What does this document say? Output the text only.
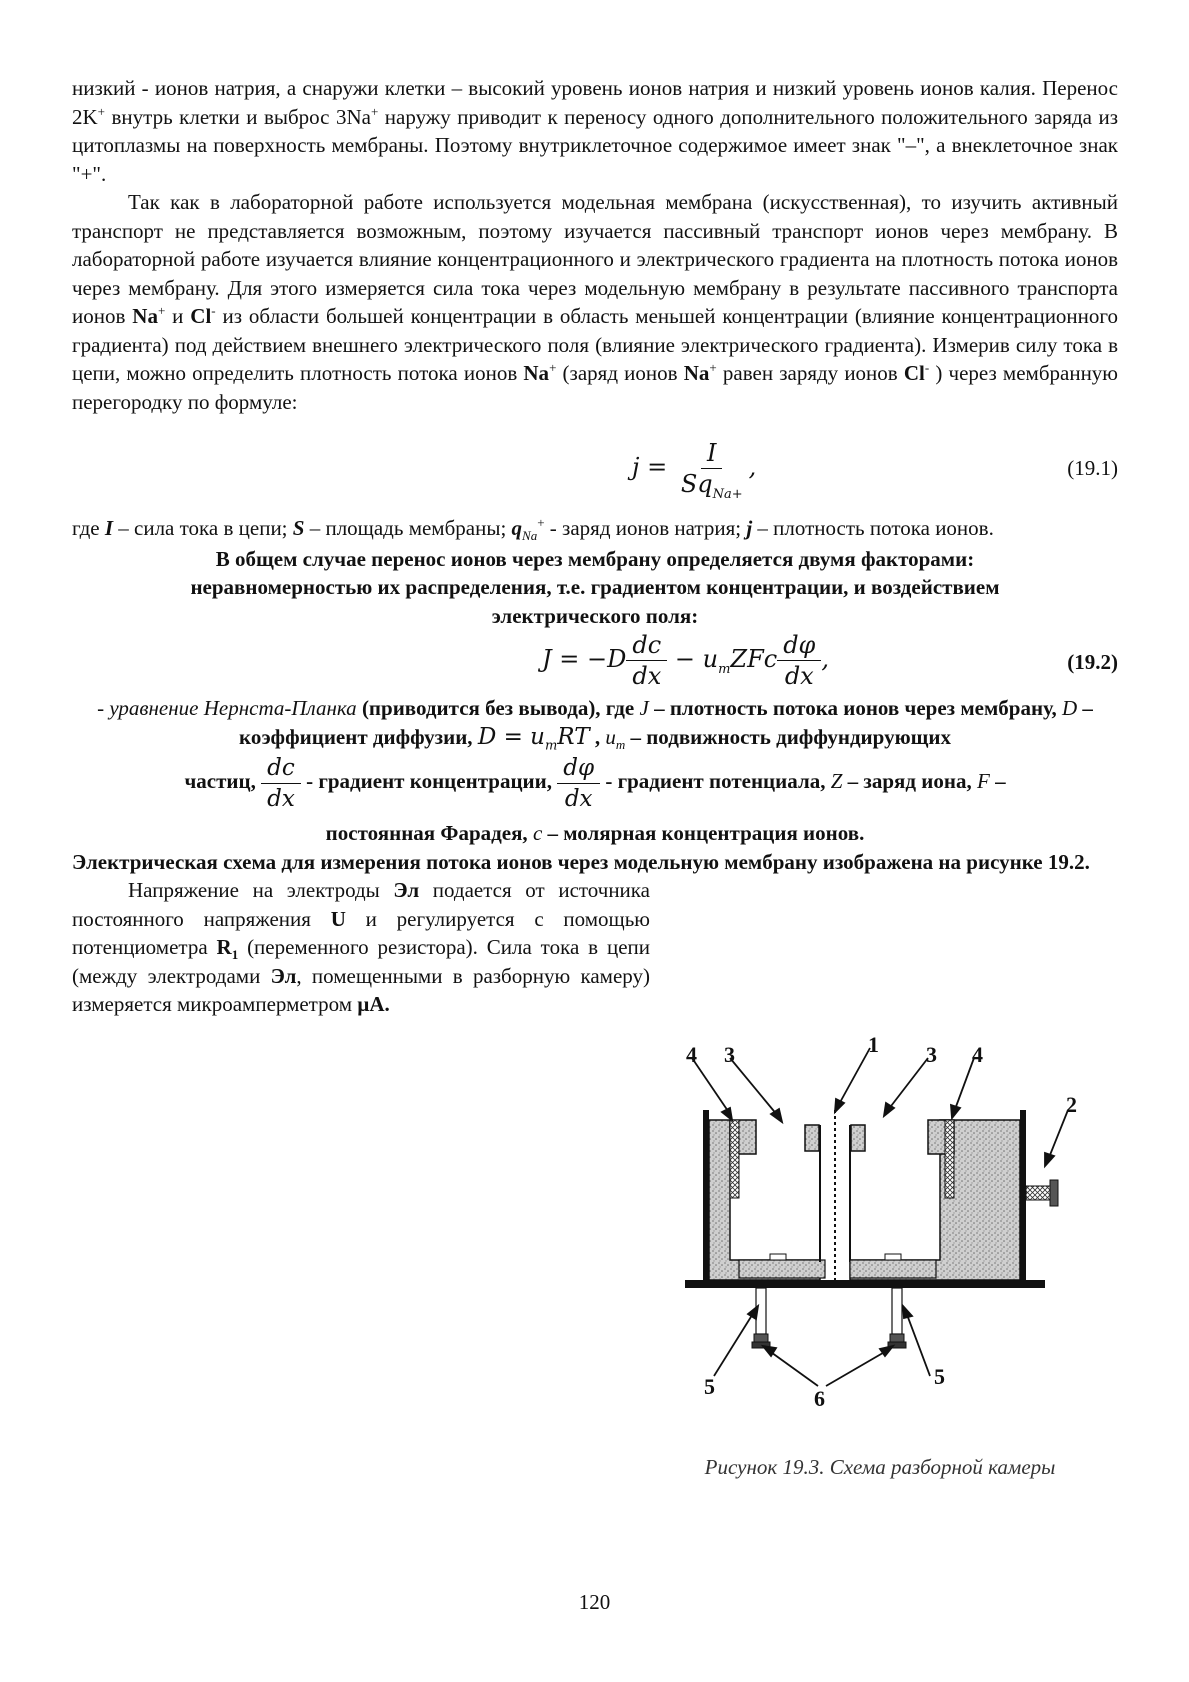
низкий - ионов натрия, а снаружи клетки – высокий уровень ионов натрия и низкий уровень ионов калия. Перенос 2K+ внутрь клетки и выброс 3Na+ наружу приводит к переносу одного дополнительного положительного заряда из цитоплазмы на поверхность мембраны. Поэтому внутриклеточное содержимое имеет знак "–", а внеклеточное знак "+".

Так как в лабораторной работе используется модельная мембрана (искусственная), то изучить активный транспорт не представляется возможным, поэтому изучается пассивный транспорт ионов через мембрану. В лабораторной работе изучается влияние концентрационного и электрического градиента на плотность потока ионов через мембрану. Для этого измеряется сила тока через модельную мембрану в результате пассивного транспорта ионов Na+ и Cl- из области большей концентрации в область меньшей концентрации (влияние концентрационного градиента) под действием внешнего электрического поля (влияние электрического градиента). Измерив силу тока в цепи, можно определить плотность потока ионов Na+ (заряд ионов Na+ равен заряду ионов Cl- ) через мембранную перегородку по формуле:

$j = \frac{I}{Sq_{Na+}}$ ,	(19.1)

где I – сила тока в цепи; S – площадь мембраны; $q_{Na}^+$ - заряд ионов натрия; j – плотность потока ионов.

В общем случае перенос ионов через мембрану определяется двумя факторами: неравномерностью их распределения, т.е. градиентом концентрации, и воздействием электрического поля:

$J = -D \frac{dc}{dx} - u_mZFc \frac{d\varphi}{dx}$ ,	(19.2)

- уравнение Нернста-Планка (приводится без вывода), где J – плотность потока ионов через мембрану, D – коэффициент диффузии, $D = u_mRT$ , $u_m$ – подвижность диффундирующих

частиц, $\frac{dc}{dx}$ - градиент концентрации, $\frac{d\varphi}{dx}$ - градиент потенциала, Z – заряд иона, F –

постоянная Фарадея, c – молярная концентрация ионов.

Электрическая схема для измерения потока ионов через модельную мембрану изображена на рисунке 19.2.

Напряжение на электроды Эл подается от источника постоянного напряжения U и регулируется с помощью потенциометра $R_1$ (переменного резистора). Сила тока в цепи (между электродами Эл, помещенными в разборную камеру) измеряется микроамперметром µA.

4 3	1 3 4
2
5	5
6
Рисунок 19.3. Схема разборной камеры
120
